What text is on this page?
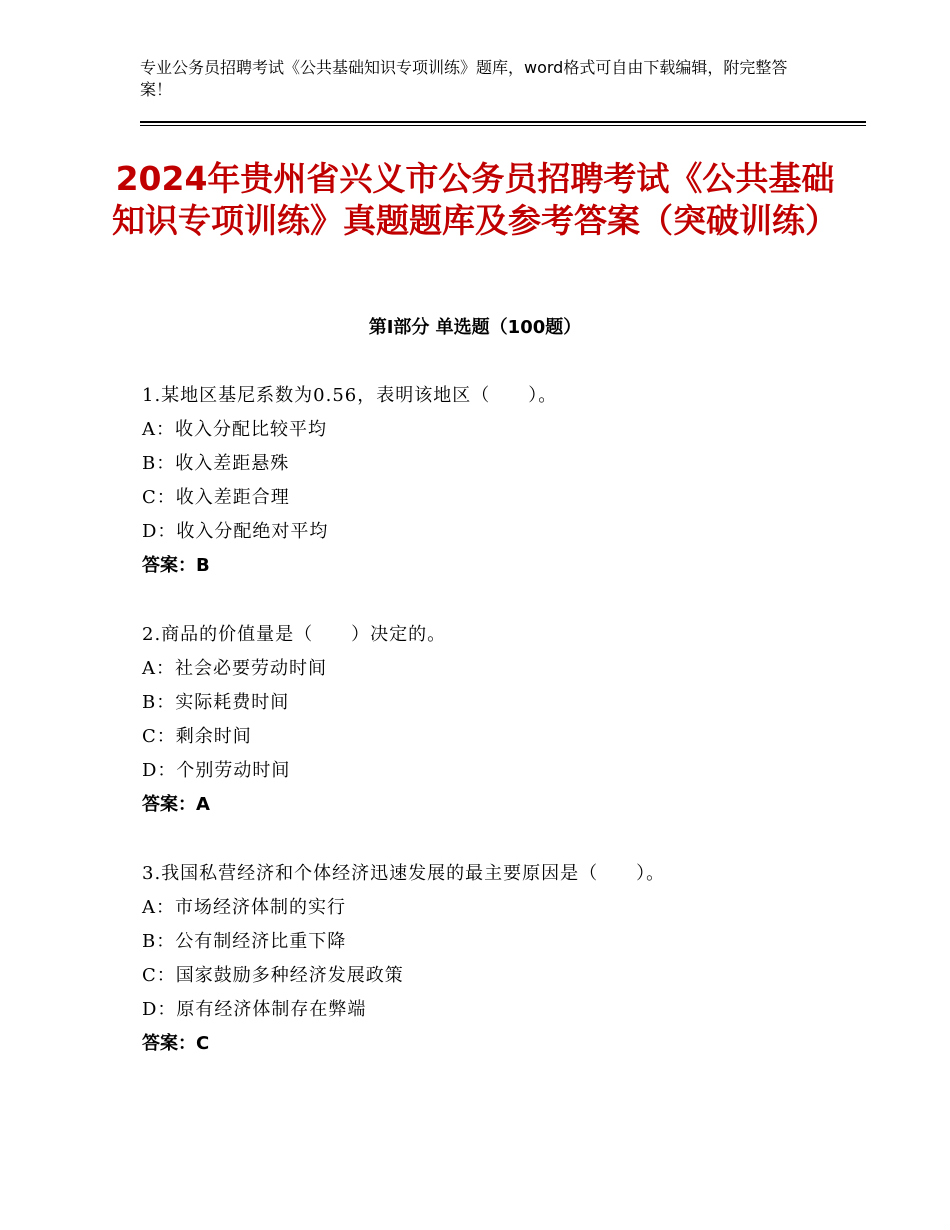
专业公务员招聘考试《公共基础知识专项训练》题库，word格式可自由下载编辑，附完整答案！
2024年贵州省兴义市公务员招聘考试《公共基础知识专项训练》真题题库及参考答案（突破训练）
第Ⅰ部分 单选题（100题）
1.某地区基尼系数为0.56，表明该地区（　　）。
A：收入分配比较平均
B：收入差距悬殊
C：收入差距合理
D：收入分配绝对平均
答案：B
2.商品的价值量是（　　）决定的。
A：社会必要劳动时间
B：实际耗费时间
C：剩余时间
D：个别劳动时间
答案：A
3.我国私营经济和个体经济迅速发展的最主要原因是（　　）。
A：市场经济体制的实行
B：公有制经济比重下降
C：国家鼓励多种经济发展政策
D：原有经济体制存在弊端
答案：C
